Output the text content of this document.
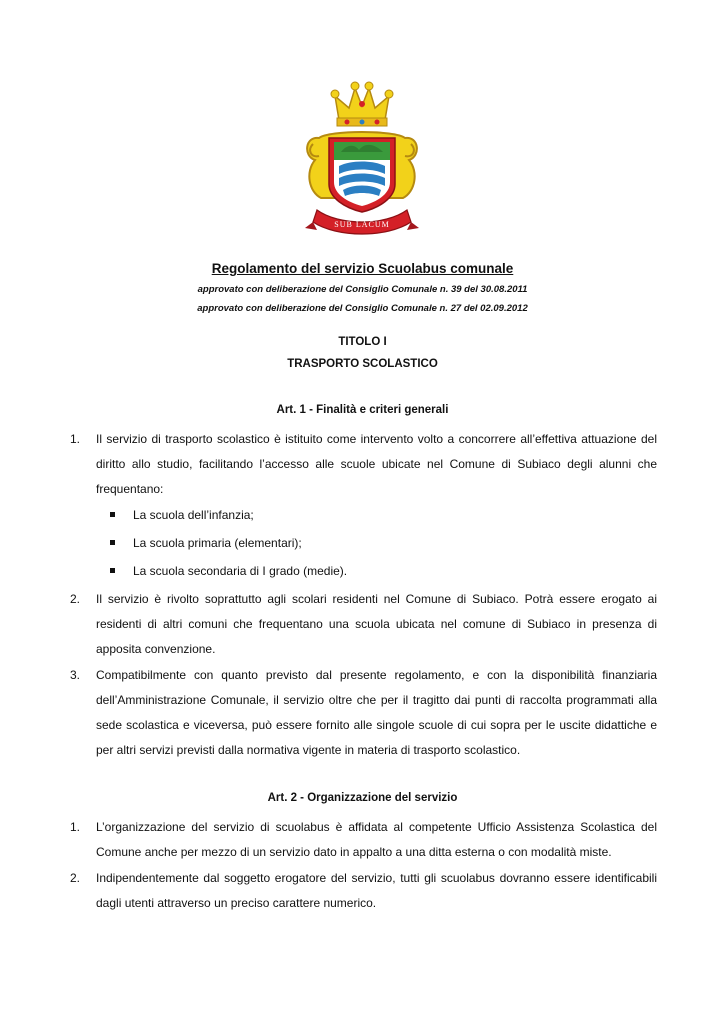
SUB LACUM
Regolamento del servizio Scuolabus comunale
approvato con deliberazione del Consiglio Comunale n. 39 del 30.08.2011
approvato con deliberazione del Consiglio Comunale n. 27 del 02.09.2012
TITOLO I
TRASPORTO SCOLASTICO
Art. 1 - Finalità e criteri generali
1. Il servizio di trasporto scolastico è istituito come intervento volto a concorrere all’effettiva attuazione del diritto allo studio, facilitando l’accesso alle scuole ubicate nel Comune di Subiaco degli alunni che frequentano:
La scuola dell’infanzia;
La scuola primaria (elementari);
La scuola secondaria di I grado (medie).
2. Il servizio è rivolto soprattutto agli scolari residenti nel Comune di Subiaco. Potrà essere erogato ai residenti di altri comuni che frequentano una scuola ubicata nel comune di Subiaco in presenza di apposita convenzione.
3. Compatibilmente con quanto previsto dal presente regolamento, e con la disponibilità finanziaria dell’Amministrazione Comunale, il servizio oltre che per il tragitto dai punti di raccolta programmati alla sede scolastica e viceversa, può essere fornito alle singole scuole di cui sopra per le uscite didattiche e per altri servizi previsti dalla normativa vigente in materia di trasporto scolastico.
Art. 2 - Organizzazione del servizio
1. L’organizzazione del servizio di scuolabus è affidata al competente Ufficio Assistenza Scolastica del Comune anche per mezzo di un servizio dato in appalto a una ditta esterna o con modalità miste.
2. Indipendentemente dal soggetto erogatore del servizio, tutti gli scuolabus dovranno essere identificabili dagli utenti attraverso un preciso carattere numerico.
